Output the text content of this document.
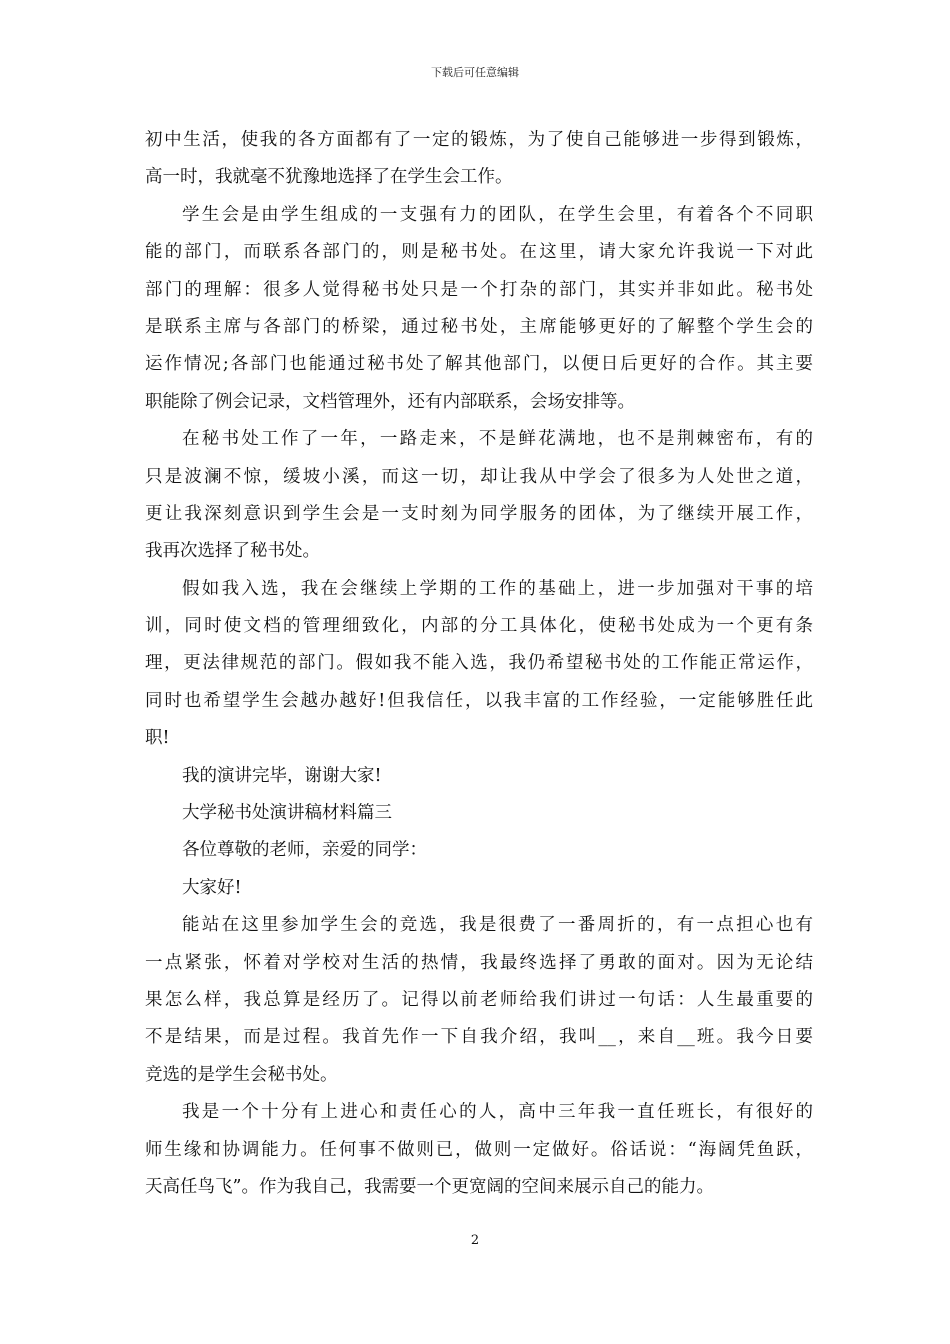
下载后可任意编辑
初中生活，使我的各方面都有了一定的锻炼，为了使自己能够进一步得到锻炼，
高一时，我就毫不犹豫地选择了在学生会工作。
学生会是由学生组成的一支强有力的团队，在学生会里，有着各个不同职
能的部门，而联系各部门的，则是秘书处。在这里，请大家允许我说一下对此
部门的理解：很多人觉得秘书处只是一个打杂的部门，其实并非如此。秘书处
是联系主席与各部门的桥梁，通过秘书处，主席能够更好的了解整个学生会的
运作情况;各部门也能通过秘书处了解其他部门，以便日后更好的合作。其主要
职能除了例会记录，文档管理外，还有内部联系，会场安排等。
在秘书处工作了一年，一路走来，不是鲜花满地，也不是荆棘密布，有的
只是波澜不惊，缓坡小溪，而这一切，却让我从中学会了很多为人处世之道，
更让我深刻意识到学生会是一支时刻为同学服务的团体，为了继续开展工作，
我再次选择了秘书处。
假如我入选，我在会继续上学期的工作的基础上，进一步加强对干事的培
训，同时使文档的管理细致化，内部的分工具体化，使秘书处成为一个更有条
理，更法律规范的部门。假如我不能入选，我仍希望秘书处的工作能正常运作，
同时也希望学生会越办越好!但我信任，以我丰富的工作经验，一定能够胜任此
职!
我的演讲完毕，谢谢大家!
大学秘书处演讲稿材料篇三
各位尊敬的老师，亲爱的同学：
大家好!
能站在这里参加学生会的竞选，我是很费了一番周折的，有一点担心也有
一点紧张，怀着对学校对生活的热情，我最终选择了勇敢的面对。因为无论结
果怎么样，我总算是经历了。记得以前老师给我们讲过一句话：人生最重要的
不是结果，而是过程。我首先作一下自我介绍，我叫__，来自__班。我今日要
竞选的是学生会秘书处。
我是一个十分有上进心和责任心的人，高中三年我一直任班长，有很好的
师生缘和协调能力。任何事不做则已，做则一定做好。俗话说：“海阔凭鱼跃，
天高任鸟飞”。作为我自己，我需要一个更宽阔的空间来展示自己的能力。
2
